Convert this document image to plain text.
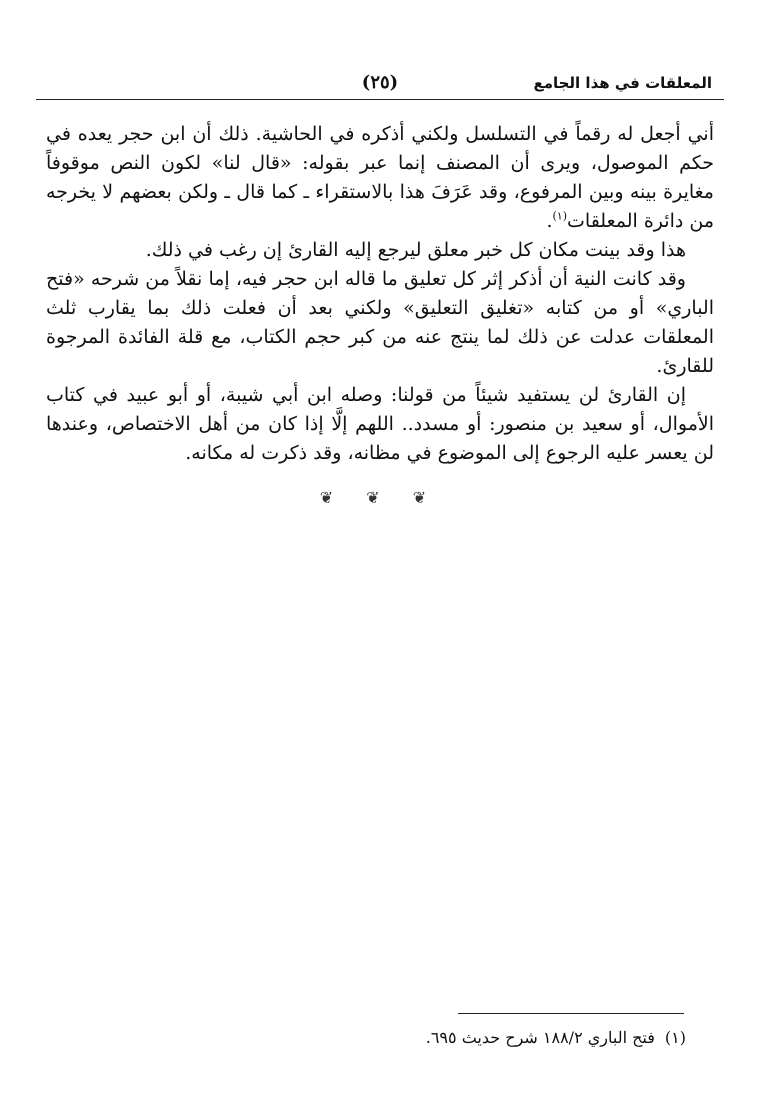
المعلقات في هذا الجامع
(٢٥)

أني أجعل له رقماً في التسلسل ولكني أذكره في الحاشية. ذلك أن ابن حجر يعده في حكم الموصول، ويرى أن المصنف إنما عبر بقوله: «قال لنا» لكون النص موقوفاً مغايرة بينه وبين المرفوع، وقد عَرَفَ هذا بالاستقراء ـ كما قال ـ ولكن بعضهم لا يخرجه من دائرة المعلقات$^{(١)}$.

هذا وقد بينت مكان كل خبر معلق ليرجع إليه القارئ إن رغب في ذلك.

وقد كانت النية أن أذكر إثر كل تعليق ما قاله ابن حجر فيه، إما نقلاً من شرحه «فتح الباري» أو من كتابه «تغليق التعليق» ولكني بعد أن فعلت ذلك بما يقارب ثلث المعلقات عدلت عن ذلك لما ينتج عنه من كبر حجم الكتاب، مع قلة الفائدة المرجوة للقارئ.

إن القارئ لن يستفيد شيئاً من قولنا: وصله ابن أبي شيبة، أو أبو عبيد في كتاب الأموال، أو سعيد بن منصور: أو مسدد.. اللهم إلَّا إذا كان من أهل الاختصاص، وعندها لن يعسر عليه الرجوع إلى الموضوع في مظانه، وقد ذكرت له مكانه.

❦ ❦ ❦
(١)فتح الباري ١٨٨/٢ شرح حديث ٦٩٥.
